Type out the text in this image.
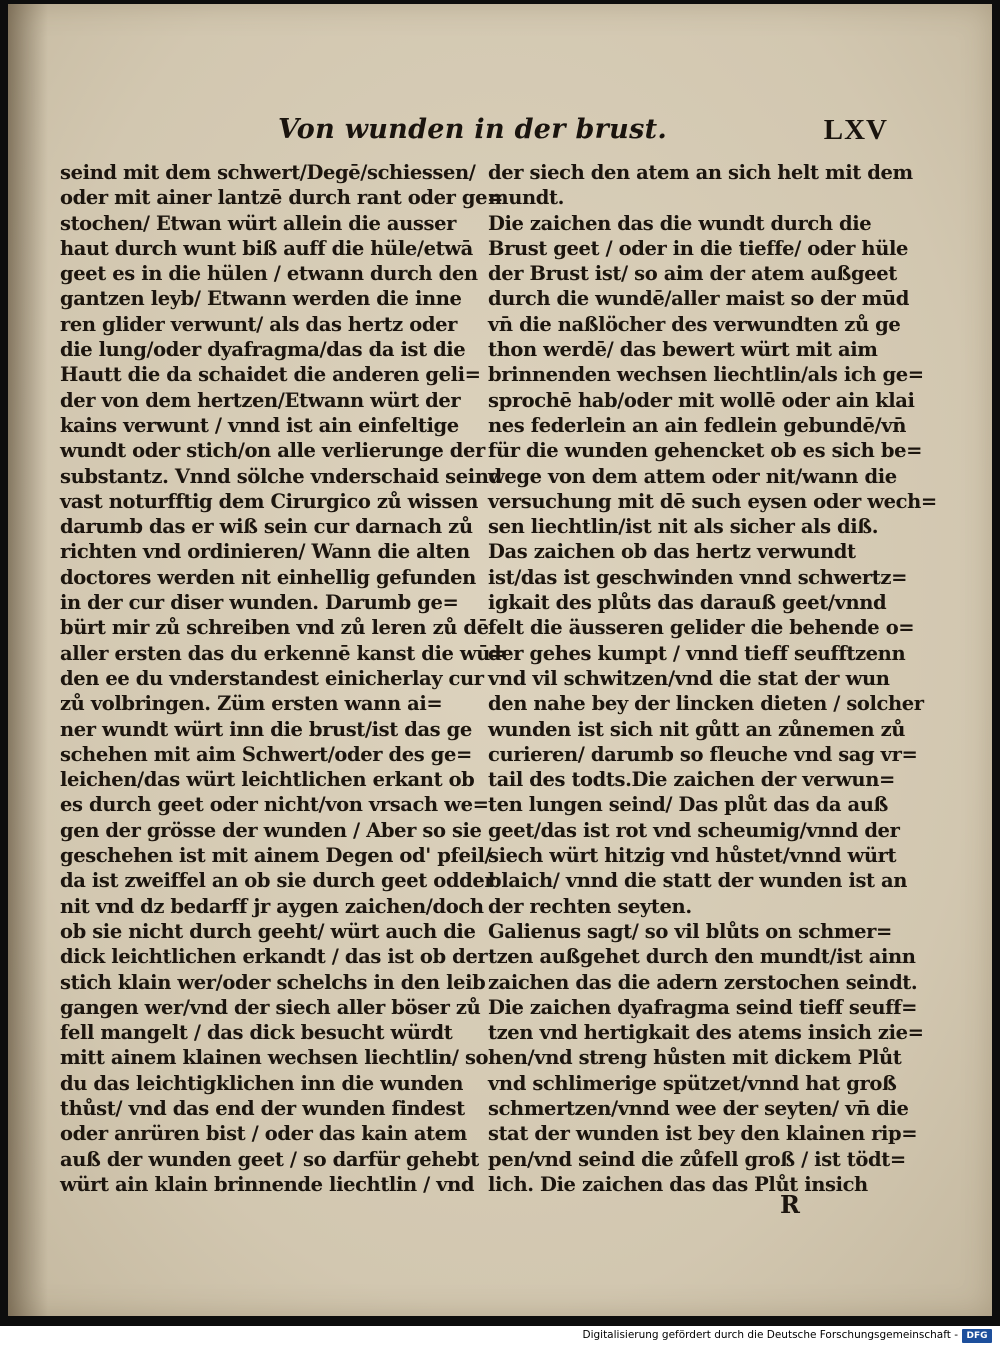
Von wunden in der brust.	LXV
seind mit dem schwert/Degē/schiessen/
oder mit ainer lantzē durch rant oder ge=
stochen/ Etwan würt allein die ausser
haut durch wunt biß auff die hüle/etwā
geet es in die hülen / etwann durch den
gantzen leyb/ Etwann werden die inne
ren glider verwunt/ als das hertz oder
die lung/oder dyafragma/das da ist die
Hautt die da schaidet die anderen geli=
der von dem hertzen/Etwann würt der
kains verwunt / vnnd ist ain einfeltige
wundt oder stich/on alle verlierunge der
substantz. Vnnd sölche vnderschaid seind
vast noturfftig dem Cirurgico zů wissen
darumb das er wiß sein cur darnach zů
richten vnd ordinieren/ Wann die alten
doctores werden nit einhellig gefunden
in der cur diser wunden. Darumb ge=
bürt mir zů schreiben vnd zů leren zů dē
aller ersten das du erkennē kanst die wū=
den ee du vnderstandest einicherlay cur
zů volbringen. Züm ersten wann ai=
ner wundt würt inn die brust/ist das ge
schehen mit aim Schwert/oder des ge=
leichen/das würt leichtlichen erkant ob
es durch geet oder nicht/von vrsach we=
gen der grösse der wunden / Aber so sie
geschehen ist mit ainem Degen od' pfeil/
da ist zweiffel an ob sie durch geet odder
nit vnd dz bedarff jr aygen zaichen/doch
ob sie nicht durch geeht/ würt auch die
dick leichtlichen erkandt / das ist ob der
stich klain wer/oder schelchs in den leib
gangen wer/vnd der siech aller böser zů
fell mangelt / das dick besucht würdt
mitt ainem klainen wechsen liechtlin/ so
du das leichtigklichen inn die wunden
thůst/ vnd das end der wunden findest
oder anrüren bist / oder das kain atem
auß der wunden geet / so darfür gehebt
würt ain klain brinnende liechtlin / vnd
der siech den atem an sich helt mit dem
mundt.
Die zaichen das die wundt durch die
Brust geet / oder in die tieffe/ oder hüle
der Brust ist/ so aim der atem außgeet
durch die wundē/aller maist so der mūd
vn̄ die naßlöcher des verwundten zů ge
thon werdē/ das bewert würt mit aim
brinnenden wechsen liechtlin/als ich ge=
sprochē hab/oder mit wollē oder ain klai
nes federlein an ain fedlein gebundē/vn̄
für die wunden gehencket ob es sich be=
wege von dem attem oder nit/wann die
versuchung mit dē such eysen oder wech=
sen liechtlin/ist nit als sicher als diß.
Das zaichen ob das hertz verwundt
ist/das ist geschwinden vnnd schwertz=
igkait des plůts das darauß geet/vnnd
felt die äusseren gelider die behende o=
der gehes kumpt / vnnd tieff seufftzenn
vnd vil schwitzen/vnd die stat der wun
den nahe bey der lincken dieten / solcher
wunden ist sich nit gůtt an zůnemen zů
curieren/ darumb so fleuche vnd sag vr=
tail des todts.Die zaichen der verwun=
ten lungen seind/ Das plůt das da auß
geet/das ist rot vnd scheumig/vnnd der
siech würt hitzig vnd hůstet/vnnd würt
blaich/ vnnd die statt der wunden ist an
der rechten seyten.
Galienus sagt/ so vil blůts on schmer=
tzen außgehet durch den mundt/ist ainn
zaichen das die adern zerstochen seindt.
Die zaichen dyafragma seind tieff seuff=
tzen vnd hertigkait des atems insich zie=
hen/vnd streng hůsten mit dickem Plůt
vnd schlimerige spützet/vnnd hat groß
schmertzen/vnnd wee der seyten/ vn̄ die
stat der wunden ist bey den klainen rip=
pen/vnd seind die zůfell groß / ist tödt=
lich. Die zaichen das das Plůt insich
R
Digitalisierung gefördert durch die Deutsche Forschungsgemeinschaft - DFG
